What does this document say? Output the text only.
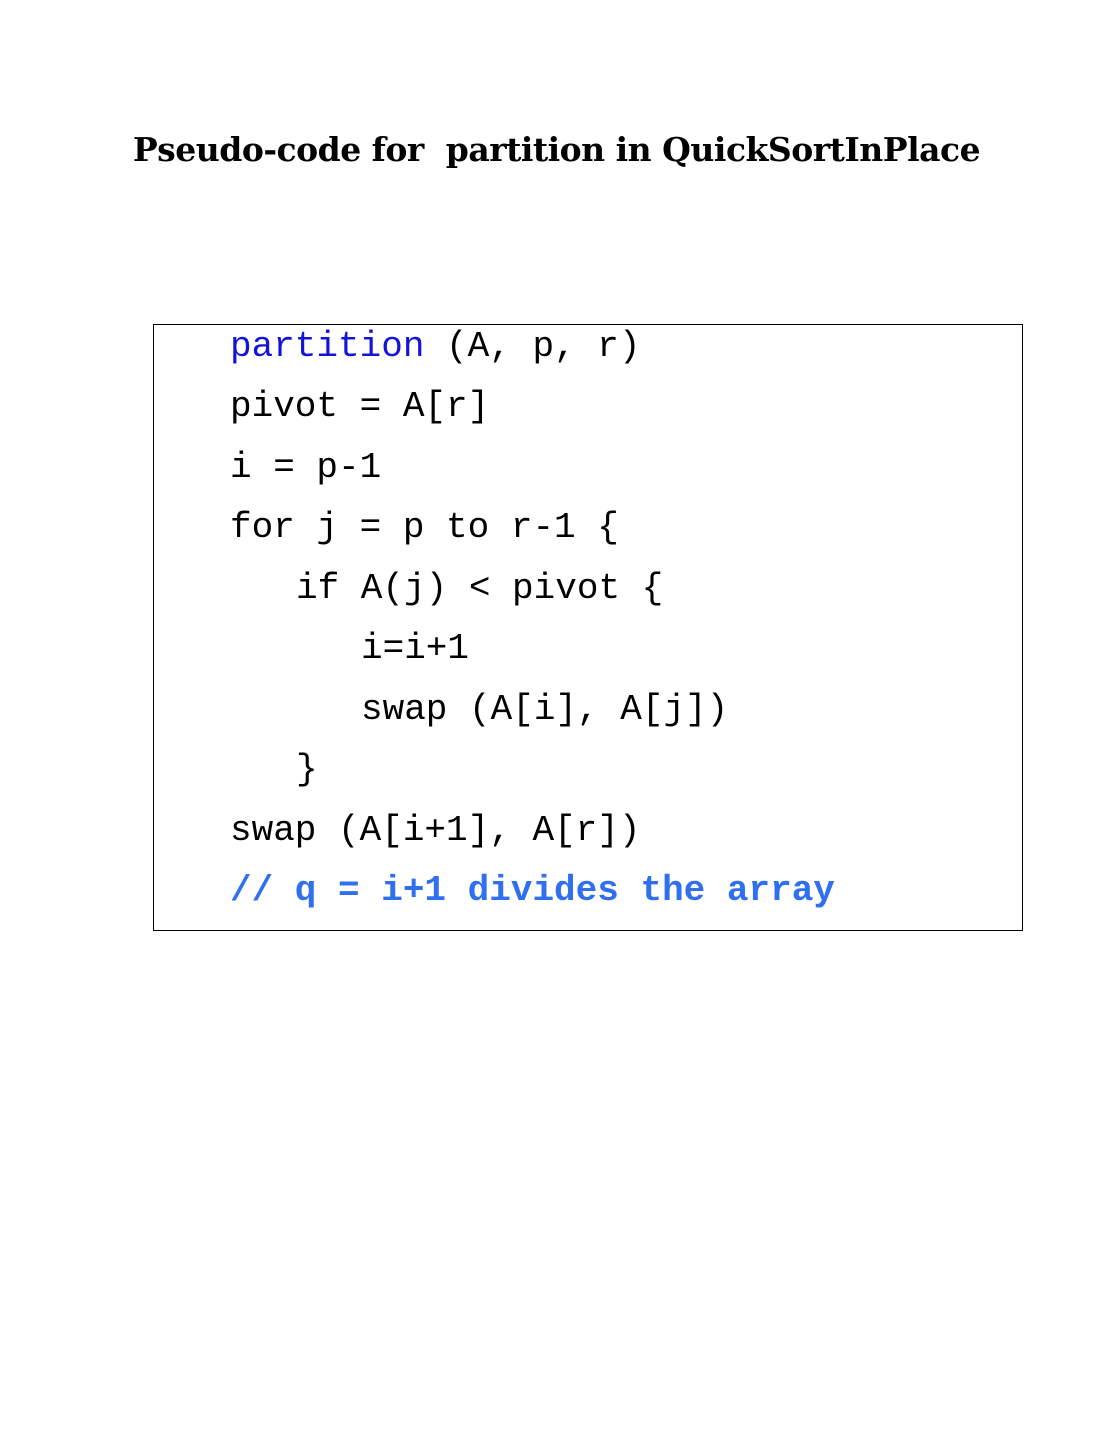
Pseudo-code for  partition in QuickSortInPlace
partition (A, p, r)
pivot = A[r]
i = p-1
for j = p to r-1 {
if A(j) < pivot {
i=i+1
swap (A[i], A[j])
}
swap (A[i+1], A[r])
// q = i+1 divides the array
